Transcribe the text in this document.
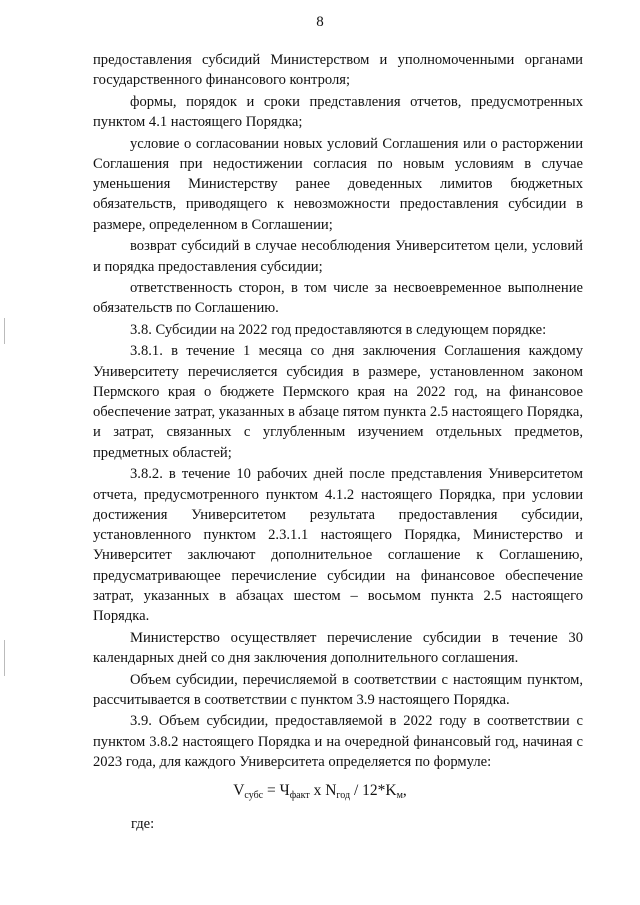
8

предоставления субсидий Министерством и уполномоченными органами государственного финансового контроля;

формы, порядок и сроки представления отчетов, предусмотренных пунктом 4.1 настоящего Порядка;

условие о согласовании новых условий Соглашения или о расторжении Соглашения при недостижении согласия по новым условиям в случае уменьшения Министерству ранее доведенных лимитов бюджетных обязательств, приводящего к невозможности предоставления субсидии в размере, определенном в Соглашении;

возврат субсидий в случае несоблюдения Университетом цели, условий и порядка предоставления субсидии;

ответственность сторон, в том числе за несвоевременное выполнение обязательств по Соглашению.

3.8. Субсидии на 2022 год предоставляются в следующем порядке:

3.8.1. в течение 1 месяца со дня заключения Соглашения каждому Университету перечисляется субсидия в размере, установленном законом Пермского края о бюджете Пермского края на 2022 год, на финансовое обеспечение затрат, указанных в абзаце пятом пункта 2.5 настоящего Порядка, и затрат, связанных с углубленным изучением отдельных предметов, предметных областей;

3.8.2. в течение 10 рабочих дней после представления Университетом отчета, предусмотренного пунктом 4.1.2 настоящего Порядка, при условии достижения Университетом результата предоставления субсидии, установленного пунктом 2.3.1.1 настоящего Порядка, Министерство и Университет заключают дополнительное соглашение к Соглашению, предусматривающее перечисление субсидии на финансовое обеспечение затрат, указанных в абзацах шестом – восьмом пункта 2.5 настоящего Порядка.

Министерство осуществляет перечисление субсидии в течение 30 календарных дней со дня заключения дополнительного соглашения.

Объем субсидии, перечисляемой в соответствии с настоящим пунктом, рассчитывается в соответствии с пунктом 3.9 настоящего Порядка.

3.9. Объем субсидии, предоставляемой в 2022 году в соответствии с пунктом 3.8.2 настоящего Порядка и на очередной финансовый год, начиная с 2023 года, для каждого Университета определяется по формуле:

$V_{субс} = Ч_{факт}$ x $N_{год} / 12*K_м$,
где:
